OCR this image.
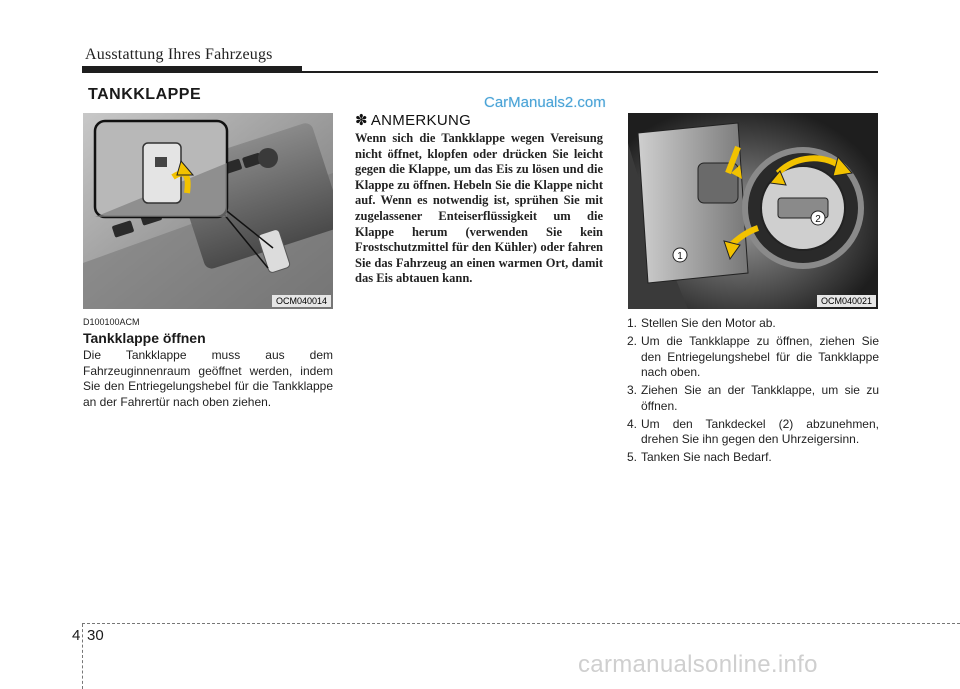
Ausstattung Ihres Fahrzeugs
TANKKLAPPE	CarManuals2.com
OCM040014
1
2
OCM040021
D100100ACM
Tankklappe öffnen
Die Tankklappe muss aus dem Fahrzeuginnenraum geöffnet werden, indem Sie den Entriegelungshebel für die Tankklappe an der Fahrertür nach oben ziehen.
✽ ANMERKUNG
Wenn sich die Tankklappe wegen Vereisung nicht öffnet, klopfen oder drücken Sie leicht gegen die Klappe, um das Eis zu lösen und die Klappe zu öffnen. Hebeln Sie die Klappe nicht auf. Wenn es notwendig ist, sprühen Sie mit zugelassener Enteiserflüssigkeit um die Klappe herum (verwenden Sie kein Frostschutzmittel für den Kühler) oder fahren Sie das Fahrzeug an einen warmen Ort, damit das Eis abtauen kann.
1. Stellen Sie den Motor ab.
2. Um die Tankklappe zu öffnen, ziehen Sie den Entriegelungshebel für die Tankklappe nach oben.
3. Ziehen Sie an der Tankklappe, um sie zu öffnen.
4. Um den Tankdeckel (2) abzunehmen, drehen Sie ihn gegen den Uhrzeigersinn.
5. Tanken Sie nach Bedarf.
4 30
carmanualsonline.info
